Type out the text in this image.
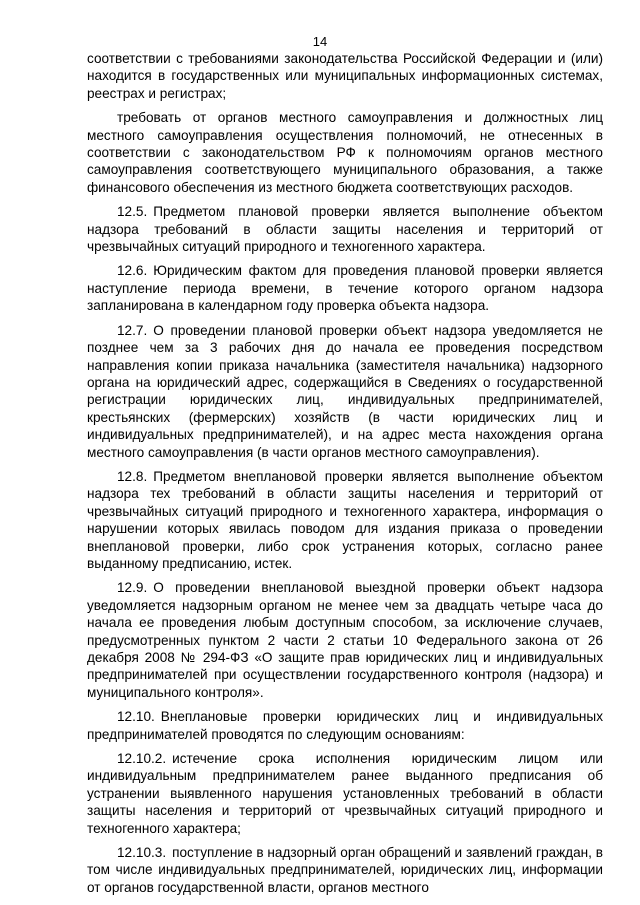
14

соответствии с требованиями законодательства Российской Федерации и (или) находится в государственных или муниципальных информационных системах, реестрах и регистрах;

требовать от органов местного самоуправления и должностных лиц местного самоуправления осуществления полномочий, не отнесенных в соответствии с законодательством РФ к полномочиям органов местного самоуправления соответствующего муниципального образования, а также финансового обеспечения из местного бюджета соответствующих расходов.

12.5. Предметом плановой проверки является выполнение объектом надзора требований в области защиты населения и территорий от чрезвычайных ситуаций природного и техногенного характера.

12.6. Юридическим фактом для проведения плановой проверки является наступление периода времени, в течение которого органом надзора запланирована в календарном году проверка объекта надзора.

12.7. О проведении плановой проверки объект надзора уведомляется не позднее чем за 3 рабочих дня до начала ее проведения посредством направления копии приказа начальника (заместителя начальника) надзорного органа на юридический адрес, содержащийся в Сведениях о государственной регистрации юридических лиц, индивидуальных предпринимателей, крестьянских (фермерских) хозяйств (в части юридических лиц и индивидуальных предпринимателей), и на адрес места нахождения органа местного самоуправления (в части органов местного самоуправления).

12.8. Предметом внеплановой проверки является выполнение объектом надзора тех требований в области защиты населения и территорий от чрезвычайных ситуаций природного и техногенного характера, информация о нарушении которых явилась поводом для издания приказа о проведении внеплановой проверки, либо срок устранения которых, согласно ранее выданному предписанию, истек.

12.9. О проведении внеплановой выездной проверки объект надзора уведомляется надзорным органом не менее чем за двадцать четыре часа до начала ее проведения любым доступным способом, за исключение случаев, предусмотренных пунктом 2 части 2 статьи 10 Федерального закона от 26 декабря 2008 № 294-ФЗ «О защите прав юридических лиц и индивидуальных предпринимателей при осуществлении государственного контроля (надзора) и муниципального контроля».

12.10. Внеплановые проверки юридических лиц и индивидуальных предпринимателей проводятся по следующим основаниям:

12.10.2. истечение срока исполнения юридическим лицом или индивидуальным предпринимателем ранее выданного предписания об устранении выявленного нарушения установленных требований в области защиты населения и территорий от чрезвычайных ситуаций природного и техногенного характера;

12.10.3. поступление в надзорный орган обращений и заявлений граждан, в том числе индивидуальных предпринимателей, юридических лиц, информации от органов государственной власти, органов местного
